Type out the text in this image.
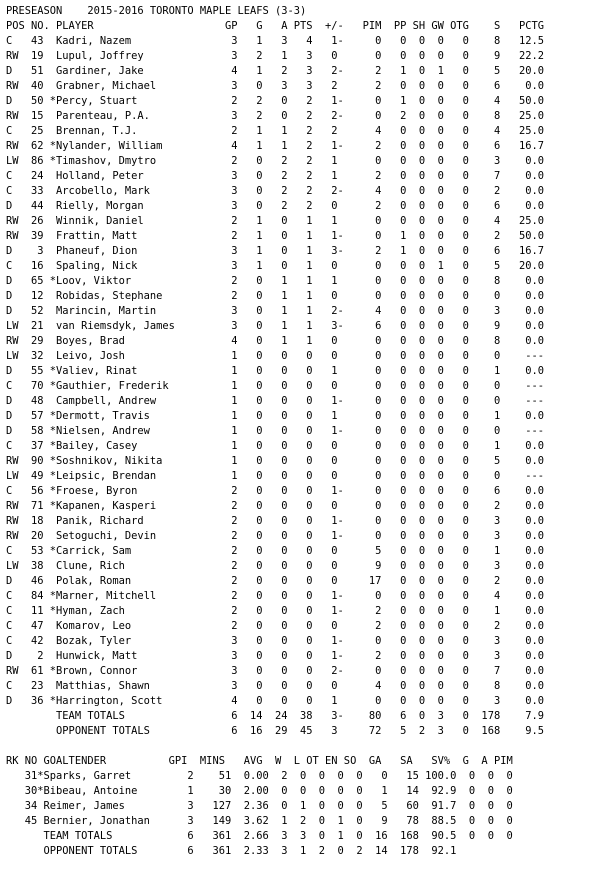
PRESEASON    2015-2016 TORONTO MAPLE LEAFS (3-3)
POS NO. PLAYER                     GP   G   A PTS  +/-   PIM  PP SH GW OTG    S   PCTG
C   43  Kadri, Nazem                3   1   3   4   1-     0   0  0  0   0    8   12.5
RW  19  Lupul, Joffrey              3   2   1   3   0      0   0  0  0   0    9   22.2
D   51  Gardiner, Jake              4   1   2   3   2-     2   1  0  1   0    5   20.0
RW  40  Grabner, Michael            3   0   3   3   2      2   0  0  0   0    6    0.0
D   50 *Percy, Stuart               2   2   0   2   1-     0   1  0  0   0    4   50.0
RW  15  Parenteau, P.A.             3   2   0   2   2-     0   2  0  0   0    8   25.0
C   25  Brennan, T.J.               2   1   1   2   2      4   0  0  0   0    4   25.0
RW  62 *Nylander, William           4   1   1   2   1-     2   0  0  0   0    6   16.7
LW  86 *Timashov, Dmytro            2   0   2   2   1      0   0  0  0   0    3    0.0
C   24  Holland, Peter              3   0   2   2   1      2   0  0  0   0    7    0.0
C   33  Arcobello, Mark             3   0   2   2   2-     4   0  0  0   0    2    0.0
D   44  Rielly, Morgan              3   0   2   2   0      2   0  0  0   0    6    0.0
RW  26  Winnik, Daniel              2   1   0   1   1      0   0  0  0   0    4   25.0
RW  39  Frattin, Matt               2   1   0   1   1-     0   1  0  0   0    2   50.0
D    3  Phaneuf, Dion               3   1   0   1   3-     2   1  0  0   0    6   16.7
C   16  Spaling, Nick               3   1   0   1   0      0   0  0  1   0    5   20.0
D   65 *Loov, Viktor                2   0   1   1   1      0   0  0  0   0    8    0.0
D   12  Robidas, Stephane           2   0   1   1   0      0   0  0  0   0    0    0.0
D   52  Marincin, Martin            3   0   1   1   2-     4   0  0  0   0    3    0.0
LW  21  van Riemsdyk, James         3   0   1   1   3-     6   0  0  0   0    9    0.0
RW  29  Boyes, Brad                 4   0   1   1   0      0   0  0  0   0    8    0.0
LW  32  Leivo, Josh                 1   0   0   0   0      0   0  0  0   0    0    ---
D   55 *Valiev, Rinat               1   0   0   0   1      0   0  0  0   0    1    0.0
C   70 *Gauthier, Frederik          1   0   0   0   0      0   0  0  0   0    0    ---
D   48  Campbell, Andrew            1   0   0   0   1-     0   0  0  0   0    0    ---
D   57 *Dermott, Travis             1   0   0   0   1      0   0  0  0   0    1    0.0
D   58 *Nielsen, Andrew             1   0   0   0   1-     0   0  0  0   0    0    ---
C   37 *Bailey, Casey               1   0   0   0   0      0   0  0  0   0    1    0.0
RW  90 *Soshnikov, Nikita           1   0   0   0   0      0   0  0  0   0    5    0.0
LW  49 *Leipsic, Brendan            1   0   0   0   0      0   0  0  0   0    0    ---
C   56 *Froese, Byron               2   0   0   0   1-     0   0  0  0   0    6    0.0
RW  71 *Kapanen, Kasperi            2   0   0   0   0      0   0  0  0   0    2    0.0
RW  18  Panik, Richard              2   0   0   0   1-     0   0  0  0   0    3    0.0
RW  20  Setoguchi, Devin            2   0   0   0   1-     0   0  0  0   0    3    0.0
C   53 *Carrick, Sam                2   0   0   0   0      5   0  0  0   0    1    0.0
LW  38  Clune, Rich                 2   0   0   0   0      9   0  0  0   0    3    0.0
D   46  Polak, Roman                2   0   0   0   0     17   0  0  0   0    2    0.0
C   84 *Marner, Mitchell            2   0   0   0   1-     0   0  0  0   0    4    0.0
C   11 *Hyman, Zach                 2   0   0   0   1-     2   0  0  0   0    1    0.0
C   47  Komarov, Leo                2   0   0   0   0      2   0  0  0   0    2    0.0
C   42  Bozak, Tyler                3   0   0   0   1-     0   0  0  0   0    3    0.0
D    2  Hunwick, Matt               3   0   0   0   1-     2   0  0  0   0    3    0.0
RW  61 *Brown, Connor               3   0   0   0   2-     0   0  0  0   0    7    0.0
C   23  Matthias, Shawn             3   0   0   0   0      4   0  0  0   0    8    0.0
D   36 *Harrington, Scott           4   0   0   0   1      0   0  0  0   0    3    0.0
TEAM TOTALS                 6  14  24  38   3-    80   6  0  3   0  178    7.9
OPPONENT TOTALS             6  16  29  45   3     72   5  2  3   0  168    9.5
RK NO GOALTENDER          GPI  MINS   AVG  W  L OT EN SO  GA   SA   SV%  G  A PIM
31*Sparks, Garret         2    51  0.00  2  0  0  0  0   0   15 100.0  0  0  0
30*Bibeau, Antoine        1    30  2.00  0  0  0  0  0   1   14  92.9  0  0  0
34 Reimer, James          3   127  2.36  0  1  0  0  0   5   60  91.7  0  0  0
45 Bernier, Jonathan      3   149  3.62  1  2  0  1  0   9   78  88.5  0  0  0
TEAM TOTALS            6   361  2.66  3  3  0  1  0  16  168  90.5  0  0  0
OPPONENT TOTALS        6   361  2.33  3  1  2  0  2  14  178  92.1
